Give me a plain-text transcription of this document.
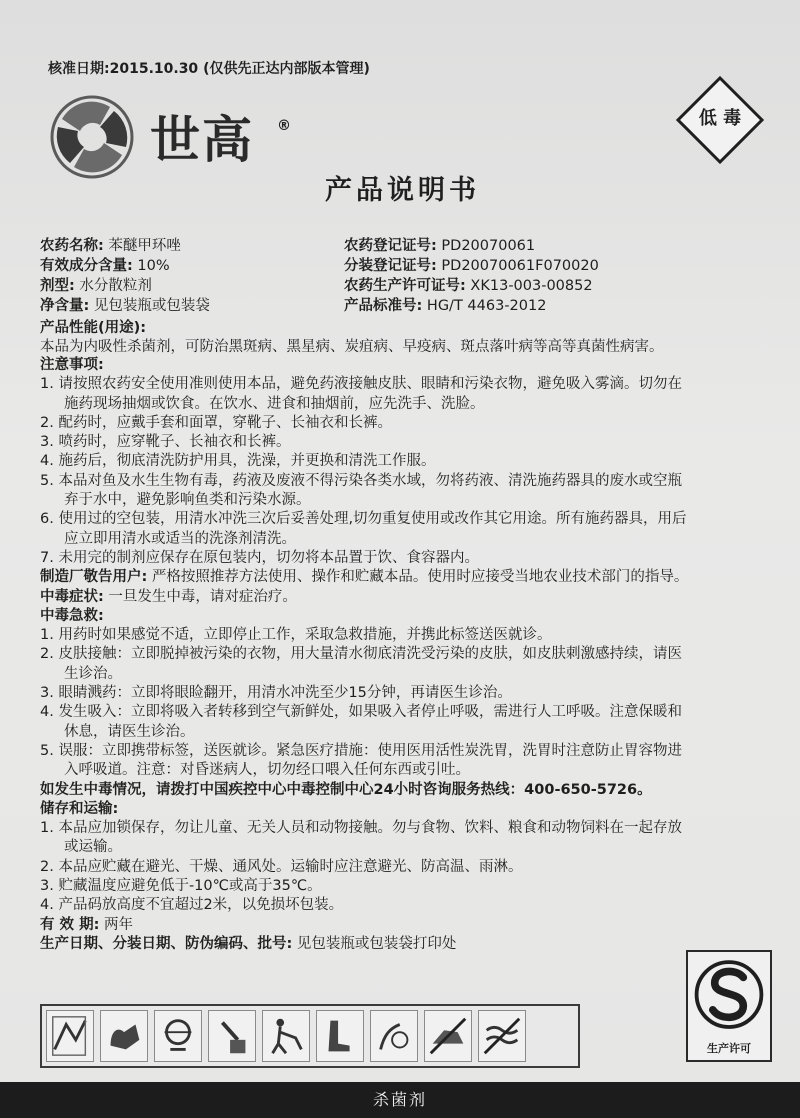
核准日期:2015.10.30 (仅供先正达内部版本管理)
世高 ®	低 毒
产品说明书
农药名称: 苯醚甲环唑
有效成分含量: 10%
剂型: 水分散粒剂
净含量: 见包装瓶或包装袋
农药登记证号: PD20070061
分装登记证号: PD20070061F070020
农药生产许可证号: XK13-003-00852
产品标准号: HG/T 4463-2012
产品性能(用途):
本品为内吸性杀菌剂，可防治黑斑病、黑星病、炭疽病、早疫病、斑点落叶病等高等真菌性病害。
注意事项:
1. 请按照农药安全使用准则使用本品，避免药液接触皮肤、眼睛和污染衣物，避免吸入雾滴。切勿在
施药现场抽烟或饮食。在饮水、进食和抽烟前，应先洗手、洗脸。
2. 配药时，应戴手套和面罩，穿靴子、长袖衣和长裤。
3. 喷药时，应穿靴子、长袖衣和长裤。
4. 施药后，彻底清洗防护用具，洗澡，并更换和清洗工作服。
5. 本品对鱼及水生生物有毒，药液及废液不得污染各类水域，勿将药液、清洗施药器具的废水或空瓶
弃于水中，避免影响鱼类和污染水源。
6. 使用过的空包装，用清水冲洗三次后妥善处理,切勿重复使用或改作其它用途。所有施药器具，用后
应立即用清水或适当的洗涤剂清洗。
7. 未用完的制剂应保存在原包装内，切勿将本品置于饮、食容器内。
制造厂敬告用户: 严格按照推荐方法使用、操作和贮藏本品。使用时应接受当地农业技术部门的指导。
中毒症状: 一旦发生中毒，请对症治疗。
中毒急救:
1. 用药时如果感觉不适，立即停止工作，采取急救措施，并携此标签送医就诊。
2. 皮肤接触：立即脱掉被污染的衣物，用大量清水彻底清洗受污染的皮肤，如皮肤刺激感持续，请医
生诊治。
3. 眼睛溅药：立即将眼睑翻开，用清水冲洗至少15分钟，再请医生诊治。
4. 发生吸入：立即将吸入者转移到空气新鲜处，如果吸入者停止呼吸，需进行人工呼吸。注意保暖和
休息，请医生诊治。
5. 误服：立即携带标签，送医就诊。紧急医疗措施：使用医用活性炭洗胃，洗胃时注意防止胃容物进
入呼吸道。注意：对昏迷病人，切勿经口喂入任何东西或引吐。
如发生中毒情况，请拨打中国疾控中心中毒控制中心24小时咨询服务热线：400-650-5726。
储存和运输:
1. 本品应加锁保存，勿让儿童、无关人员和动物接触。勿与食物、饮料、粮食和动物饲料在一起存放
或运输。
2. 本品应贮藏在避光、干燥、通风处。运输时应注意避光、防高温、雨淋。
3. 贮藏温度应避免低于-10℃或高于35℃。
4. 产品码放高度不宜超过2米，以免损坏包装。
有 效 期: 两年
生产日期、分装日期、防伪编码、批号: 见包装瓶或包装袋打印处
生产许可
杀菌剂
